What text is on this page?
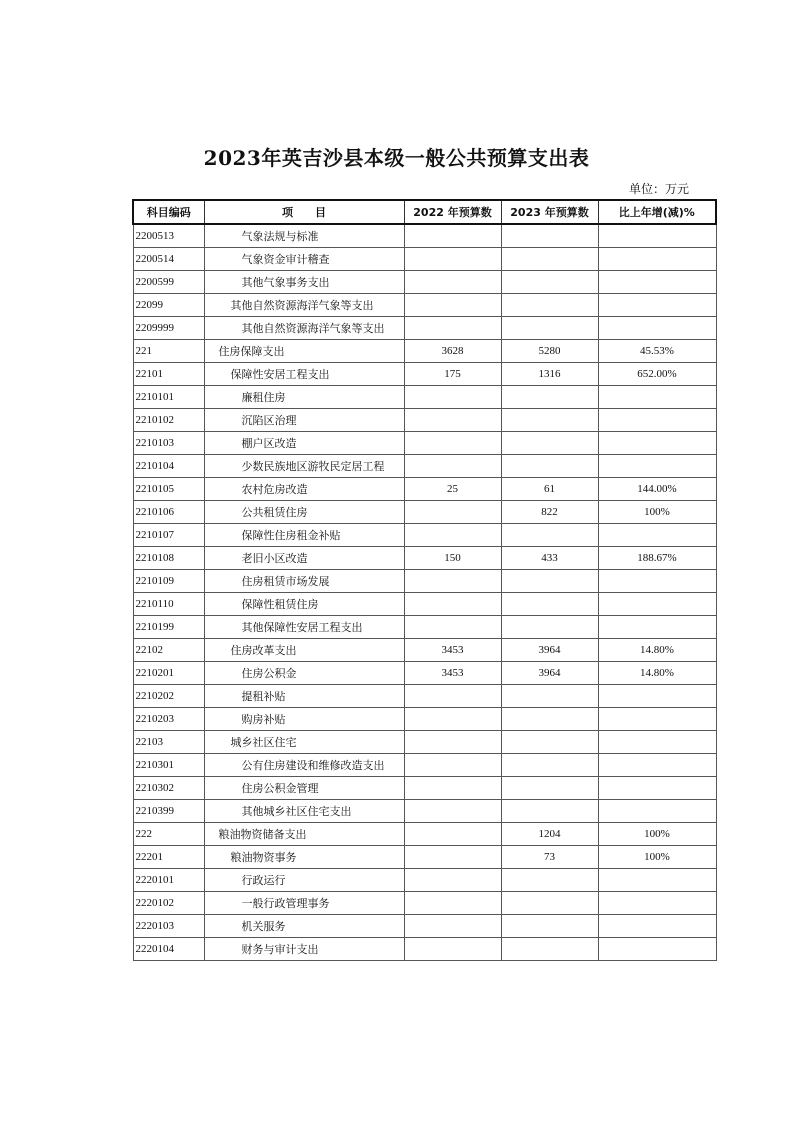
2023年英吉沙县本级一般公共预算支出表
单位：万元
科目编码	项　　目	2022 年预算数	2023 年预算数	比上年增(减)%
2200513	气象法规与标准			
2200514	气象资金审计稽查			
2200599	其他气象事务支出			
22099	其他自然资源海洋气象等支出			
2209999	其他自然资源海洋气象等支出			
221	住房保障支出	3628	5280	45.53%
22101	保障性安居工程支出	175	1316	652.00%
2210101	廉租住房			
2210102	沉陷区治理			
2210103	棚户区改造			
2210104	少数民族地区游牧民定居工程			
2210105	农村危房改造	25	61	144.00%
2210106	公共租赁住房		822	100%
2210107	保障性住房租金补贴			
2210108	老旧小区改造	150	433	188.67%
2210109	住房租赁市场发展			
2210110	保障性租赁住房			
2210199	其他保障性安居工程支出			
22102	住房改革支出	3453	3964	14.80%
2210201	住房公积金	3453	3964	14.80%
2210202	提租补贴			
2210203	购房补贴			
22103	城乡社区住宅			
2210301	公有住房建设和维修改造支出			
2210302	住房公积金管理			
2210399	其他城乡社区住宅支出			
222	粮油物资储备支出		1204	100%
22201	粮油物资事务		73	100%
2220101	行政运行			
2220102	一般行政管理事务			
2220103	机关服务			
2220104	财务与审计支出			
